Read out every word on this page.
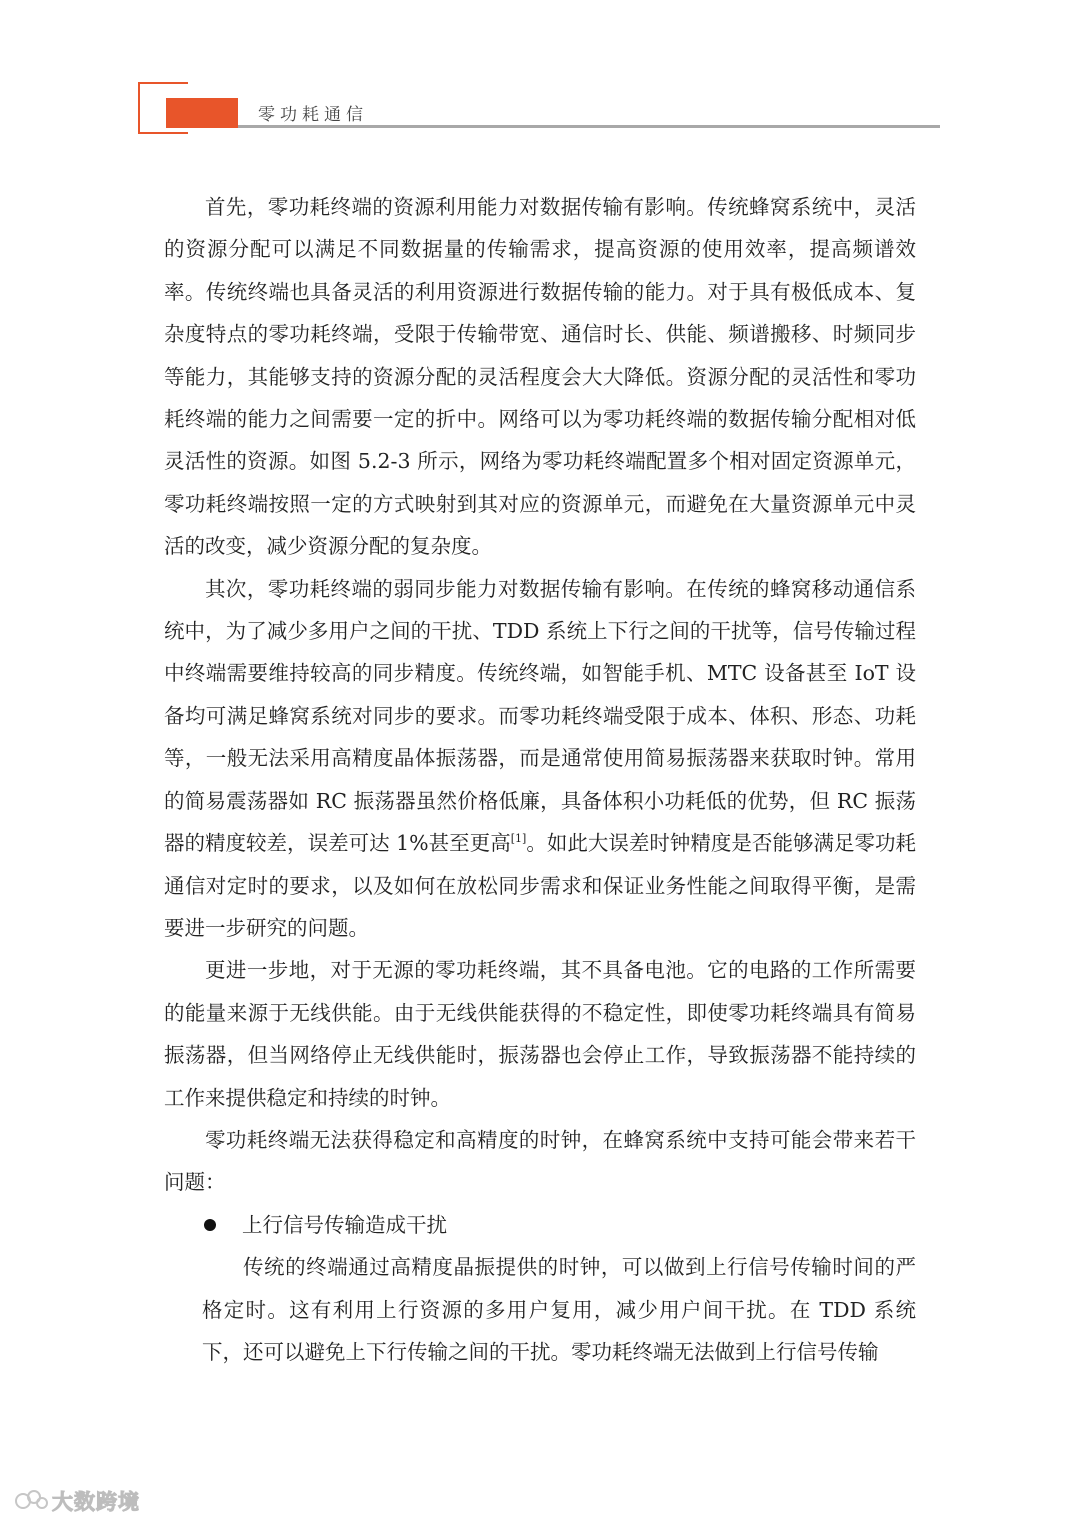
零功耗通信

首先，零功耗终端的资源利用能力对数据传输有影响。传统蜂窝系统中，灵活的资源分配可以满足不同数据量的传输需求，提高资源的使用效率，提高频谱效率。传统终端也具备灵活的利用资源进行数据传输的能力。对于具有极低成本、复杂度特点的零功耗终端，受限于传输带宽、通信时长、供能、频谱搬移、时频同步等能力，其能够支持的资源分配的灵活程度会大大降低。资源分配的灵活性和零功耗终端的能力之间需要一定的折中。网络可以为零功耗终端的数据传输分配相对低灵活性的资源。如图 5.2-3 所示，网络为零功耗终端配置多个相对固定资源单元，零功耗终端按照一定的方式映射到其对应的资源单元，而避免在大量资源单元中灵活的改变，减少资源分配的复杂度。

其次，零功耗终端的弱同步能力对数据传输有影响。在传统的蜂窝移动通信系统中，为了减少多用户之间的干扰、TDD 系统上下行之间的干扰等，信号传输过程中终端需要维持较高的同步精度。传统终端，如智能手机、MTC 设备甚至 IoT 设备均可满足蜂窝系统对同步的要求。而零功耗终端受限于成本、体积、形态、功耗等，一般无法采用高精度晶体振荡器，而是通常使用简易振荡器来获取时钟。常用的简易震荡器如 RC 振荡器虽然价格低廉，具备体积小功耗低的优势，但 RC 振荡器的精度较差，误差可达 1%甚至更高[1]。如此大误差时钟精度是否能够满足零功耗通信对定时的要求，以及如何在放松同步需求和保证业务性能之间取得平衡，是需要进一步研究的问题。

更进一步地，对于无源的零功耗终端，其不具备电池。它的电路的工作所需要的能量来源于无线供能。由于无线供能获得的不稳定性，即使零功耗终端具有简易振荡器，但当网络停止无线供能时，振荡器也会停止工作，导致振荡器不能持续的工作来提供稳定和持续的时钟。

零功耗终端无法获得稳定和高精度的时钟，在蜂窝系统中支持可能会带来若干问题：

上行信号传输造成干扰

传统的终端通过高精度晶振提供的时钟，可以做到上行信号传输时间的严格定时。这有利用上行资源的多用户复用，减少用户间干扰。在 TDD 系统下，还可以避免上下行传输之间的干扰。零功耗终端无法做到上行信号传输

大数跨境
